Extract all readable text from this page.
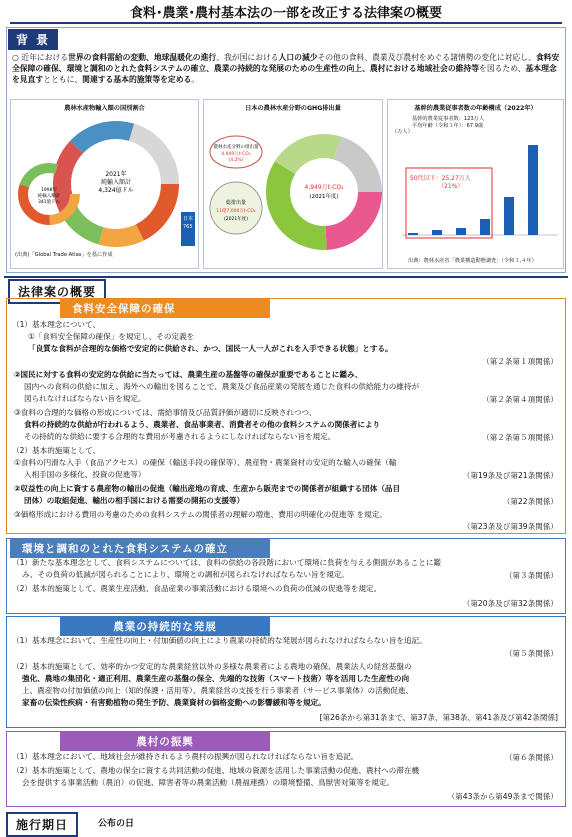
食料･農業･農村基本法の一部を改正する法律案の概要
背 景
○ 近年における世界の食料需給の変動、地球温暖化の進行、我が国における人口の減少その他の食料、農業及び農村をめぐる諸情勢の変化に対応し、食料安全保障の確保、環境と調和のとれた食料システムの確立、農業の持続的な発展のための生産性の向上、農村における地域社会の維持等を図るため、基本理念を見直すとともに、関連する基本的施策等を定める。
農林水産物輸入額の国別割合
2021年
純輸入額計
4,324億ドル
1998年
純輸入額計
341億ドル
日本
765
(出典)「Global Trade Atlas」を基に作成
日本の農林水産分野のGHG排出量
4,949万t-CO₂
(2021年度)
農林水産分野の排出量
4,949万t-CO₂
(4.2%)
総排出量
11億7,000万t-CO₂
(2021年度)
基幹的農業従事者数の年齢構成（2022年）
基幹的農業従事者数：123万人
平均年齢（令和３年）：67.9歳
（万人）
50代以下：25.27万人
（21%）
出典：農林水産省「農業構造動態調査」（令和３,４年）
法律案の概要
食料安全保障の確保
（1）基本理念について、
①「食料安全保障の確保」を規定し、その定義を
「良質な食料が合理的な価格で安定的に供給され、かつ、国民一人一人がこれを入手できる状態」とする。
（第２条第１項関係）
②国民に対する食料の安定的な供給に当たっては、農業生産の基盤等の確保が重要であることに鑑み、
国内への食料の供給に加え、海外への輸出を図ることで、農業及び食品産業の発展を通じた食料の供給能力の維持が
図られなければならない旨を規定。	（第２条第４項関係）
③食料の合理的な価格の形成については、需給事情及び品質評価が適切に反映されつつ、
食料の持続的な供給が行われるよう、農業者、食品事業者、消費者その他の食料システムの関係者により
その持続的な供給に要する合理的な費用が考慮されるようにしなければならない旨を規定。	（第２条第５項関係）
（2）基本的施策として、
①食料の円滑な入手（食品アクセス）の確保（輸送手段の確保等）、農産物・農業資材の安定的な輸入の確保（輸
入相手国の多様化、投資の促進等）	（第19条及び第21条関係）
②収益性の向上に資する農産物の輸出の促進（輸出産地の育成、生産から販売までの関係者が組織する団体（品目
団体）の取組促進、輸出の相手国における需要の開拓の支援等）	（第22条関係）
③価格形成における費用の考慮のための食料システムの関係者の理解の増進、費用の明確化の促進等 を規定。
（第23条及び第39条関係）
環境と調和のとれた食料システムの確立
（1）新たな基本理念として、食料システムについては、食料の供給の各段階において環境に負荷を与える側面があることに鑑
み、その負荷の低減が図られることにより、環境との調和が図られなければならない旨を規定。	（第３条関係）
（2）基本的施策として、農業生産活動、食品産業の事業活動における環境への負荷の低減の促進等を規定。
（第20条及び第32条関係）
農業の持続的な発展
（1）基本理念において、生産性の向上・付加価値の向上により農業の持続的な発展が図られなければならない旨を追記。
（第５条関係）
（2）基本的施策として、効率的かつ安定的な農業経営以外の多様な農業者による農地の確保、農業法人の経営基盤の
強化、農地の集団化・適正利用、農業生産の基盤の保全、先端的な技術（スマート技術）等を活用した生産性の向
上、農産物の付加価値の向上（知的保護・活用等）、農業経営の支援を行う事業者（サービス事業体）の活動促進、
家畜の伝染性疾病・有害動植物の発生予防、農業資材の価格変動への影響緩和等を規定。
[第26条から第31条まで、第37条、第38条、第41条及び第42条関係]
農村の振興
（1）基本理念において、地域社会が維持されるよう農村の振興が図られなければならない旨を追記。	（第６条関係）
（2）基本的施策として、農地の保全に資する共同活動の促進、地域の資源を活用した事業活動の促進、農村への滞在機
会を提供する事業活動（農泊）の促進、障害者等の農業活動（農福連携）の環境整備、鳥獣害対策等を規定。
（第43条から第49条まで関係）
施行期日	公布の日
